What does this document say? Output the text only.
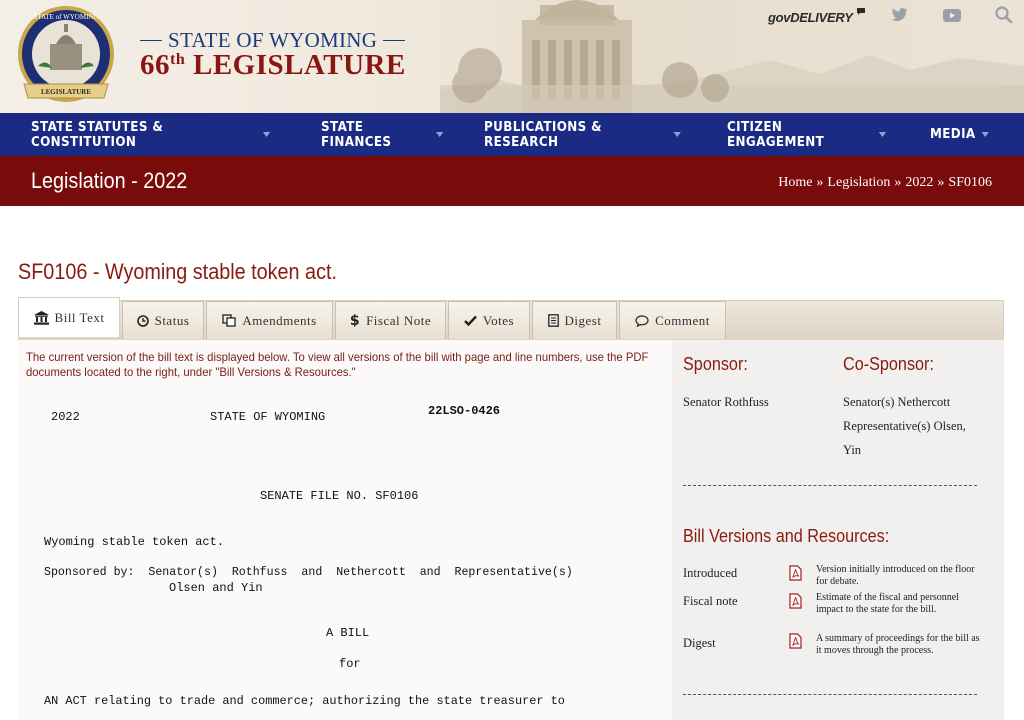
LEGISLATURE
STATE of WYOMING
STATE OF WYOMING
66th LEGISLATURE
govDELIVERY
STATE STATUTES & CONSTITUTION
STATE FINANCES
PUBLICATIONS & RESEARCH
CITIZEN ENGAGEMENT	MEDIA
Legislation - 2022	Home » Legislation » 2022 » SF0106
SF0106 - Wyoming stable token act.
Bill Text	Status	Amendments $ Fiscal Note	Votes	Digest	Comment
The current version of the bill text is displayed below. To view all versions of the bill with page and line numbers, use the PDF documents located to the right, under "Bill Versions & Resources."
2022	STATE OF WYOMING	22LSO-0426
SENATE FILE NO. SF0106
Wyoming stable token act.
Sponsored by:  Senator(s)  Rothfuss  and  Nethercott  and  Representative(s)
Olsen and Yin
A BILL
for
AN ACT relating to trade and commerce; authorizing the state treasurer to
Sponsor:	Co-Sponsor:
Senator Rothfuss	Senator(s) Nethercott
Representative(s) Olsen,
Yin
Bill Versions and Resources:
Introduced	Version initially introduced on the floor for debate.
Fiscal note	Estimate of the fiscal and personnel impact to the state for the bill.
Digest	A summary of proceedings for the bill as it moves through the process.
